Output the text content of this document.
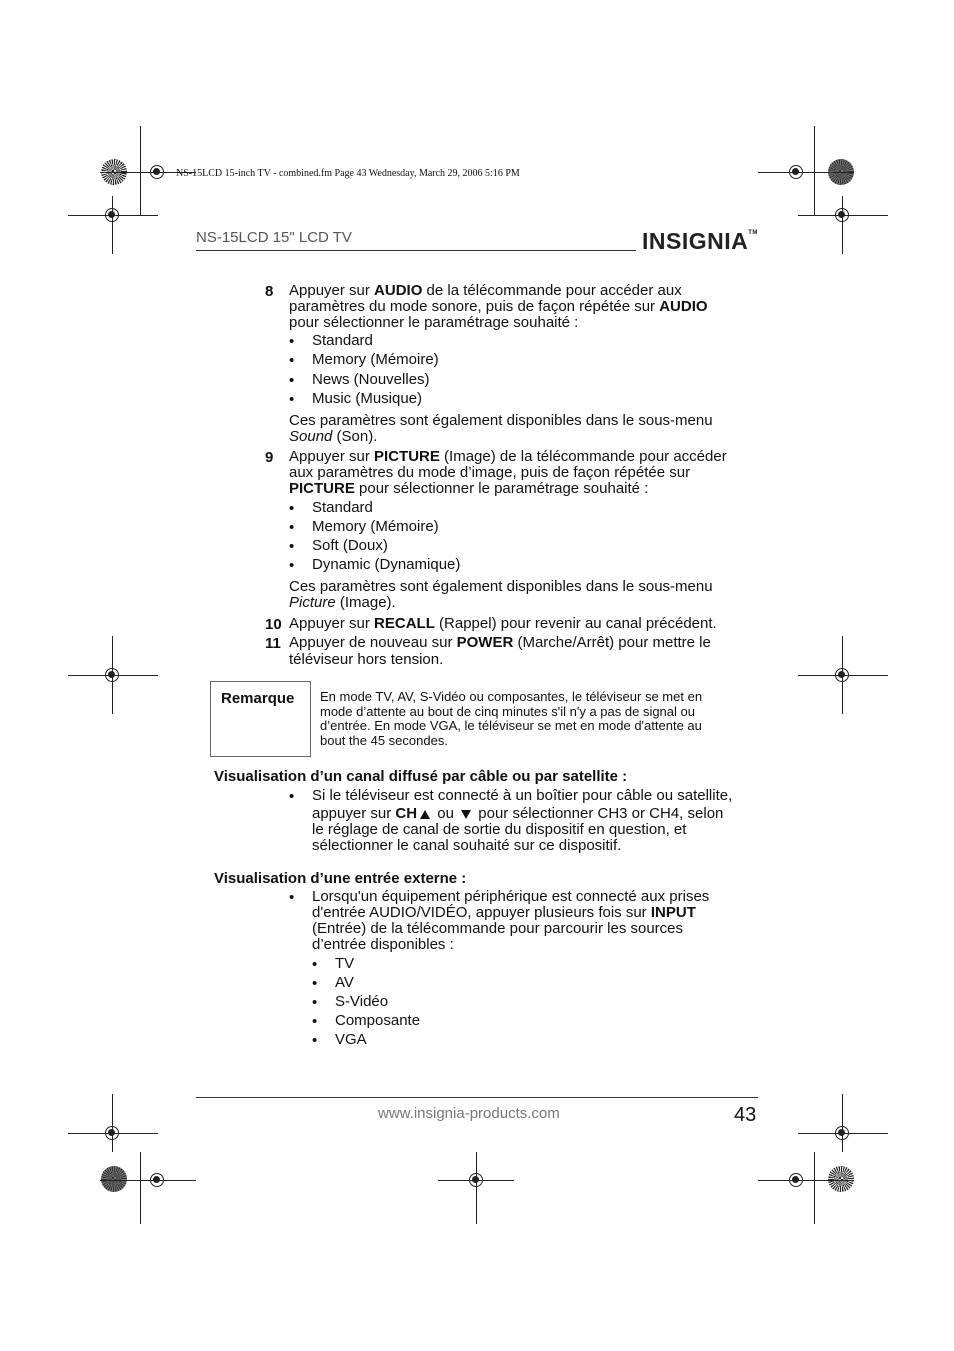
NS-15LCD 15-inch TV - combined.fm Page 43 Wednesday, March 29, 2006 5:16 PM
NS-15LCD 15" LCD TV	INSIGNIA™
8 Appuyer sur AUDIO de la télécommande pour accéder aux
paramètres du mode sonore, puis de façon répétée sur AUDIO
pour sélectionner le paramétrage souhaité :
• Standard
• Memory (Mémoire)
• News (Nouvelles)
• Music (Musique)
Ces paramètres sont également disponibles dans le sous-menu
Sound (Son).
9 Appuyer sur PICTURE (Image) de la télécommande pour accéder
aux paramètres du mode d’image, puis de façon répétée sur
PICTURE pour sélectionner le paramétrage souhaité :
• Standard
• Memory (Mémoire)
• Soft (Doux)
• Dynamic (Dynamique)
Ces paramètres sont également disponibles dans le sous-menu
Picture (Image).
10 Appuyer sur RECALL (Rappel) pour revenir au canal précédent.
11 Appuyer de nouveau sur POWER (Marche/Arrêt) pour mettre le
téléviseur hors tension.
Remarque En mode TV, AV, S-Vidéo ou composantes, le téléviseur se met en
mode d’attente au bout de cinq minutes s'il n'y a pas de signal ou
d’entrée. En mode VGA, le téléviseur se met en mode d'attente au
bout the 45 secondes.
Visualisation d’un canal diffusé par câble ou par satellite :
• Si le téléviseur est connecté à un boîtier pour câble ou satellite,
appuyer sur CH ou  pour sélectionner CH3 or CH4, selon
le réglage de canal de sortie du dispositif en question, et
sélectionner le canal souhaité sur ce dispositif.
Visualisation d’une entrée externe :
• Lorsqu'un équipement périphérique est connecté aux prises
d'entrée AUDIO/VIDÉO, appuyer plusieurs fois sur INPUT
(Entrée) de la télécommande pour parcourir les sources
d’entrée disponibles :
• TV
• AV
• S-Vidéo
• Composante
• VGA
www.insignia-products.com	43
